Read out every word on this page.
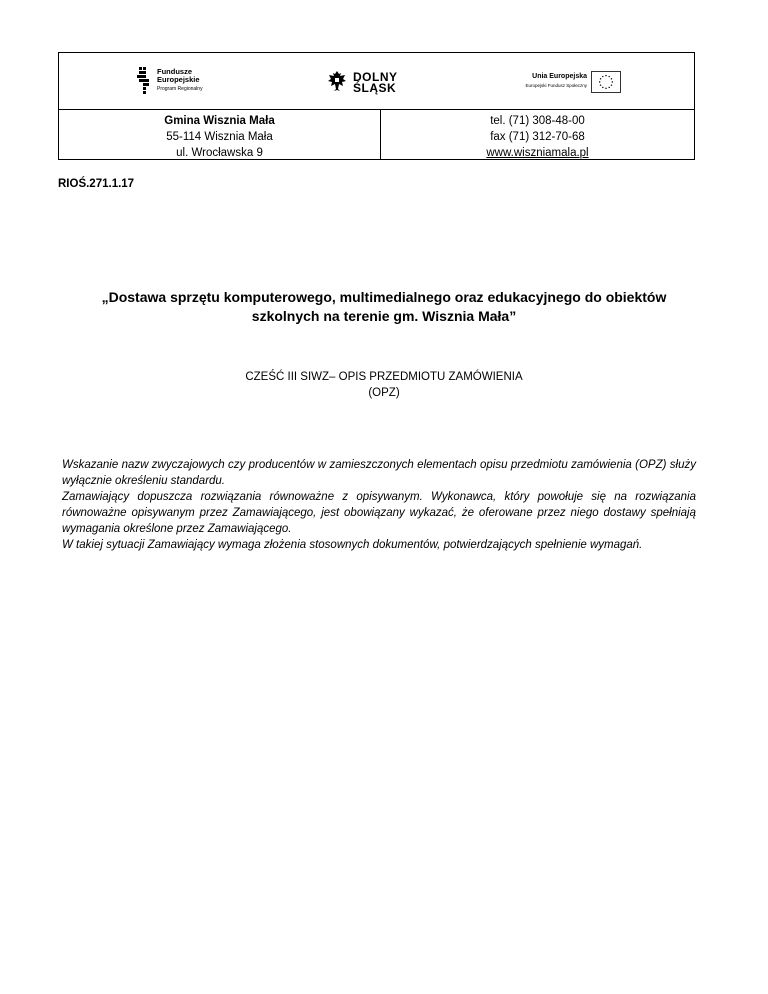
Fundusze
Europejskie
Program Regionalny
DOLNY
ŚLĄSK
Unia Europejska
Europejski Fundusz Społeczny
Gmina Wisznia Mała
55-114 Wisznia Mała
ul. Wrocławska 9
tel. (71) 308-48-00
fax (71) 312-70-68
www.wiszniamala.pl
RIOŚ.271.1.17
„Dostawa sprzętu komputerowego, multimedialnego oraz edukacyjnego do obiektów szkolnych na terenie gm. Wisznia Mała”
CZEŚĆ III SIWZ– OPIS PRZEDMIOTU ZAMÓWIENIA
(OPZ)

Wskazanie nazw zwyczajowych czy producentów w zamieszczonych elementach opisu przedmiotu zamówienia (OPZ) służy wyłącznie określeniu standardu.

Zamawiający dopuszcza rozwiązania równoważne z opisywanym. Wykonawca, który powołuje się na rozwiązania równoważne opisywanym przez Zamawiającego, jest obowiązany wykazać, że oferowane przez niego dostawy spełniają wymagania określone przez Zamawiającego.

W takiej sytuacji Zamawiający wymaga złożenia stosownych dokumentów, potwierdzających spełnienie wymagań.
